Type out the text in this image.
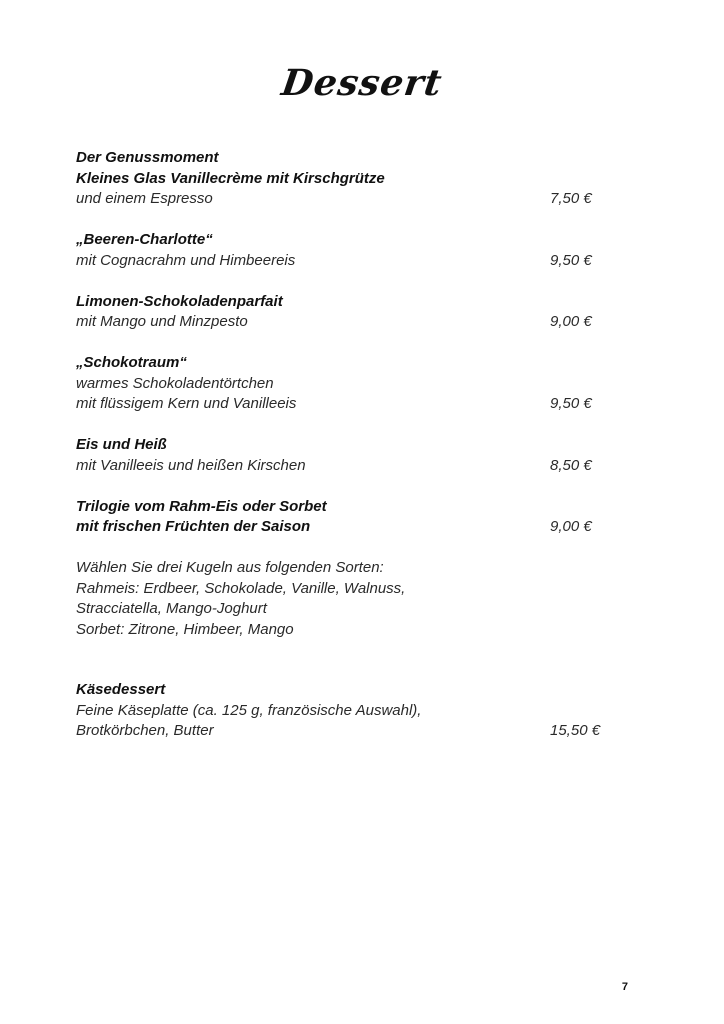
Dessert
Der Genussmoment
Kleines Glas Vanillecrème mit Kirschgrütze
und einem Espresso	7,50 €
„Beeren-Charlotte“
mit Cognacrahm und Himbeereis	9,50 €
Limonen-Schokoladenparfait
mit Mango und Minzpesto	9,00 €
„Schokotraum“
warmes Schokoladentörtchen
mit flüssigem Kern und Vanilleeis	9,50 €
Eis und Heiß
mit Vanilleeis und heißen Kirschen	8,50 €
Trilogie vom Rahm-Eis oder Sorbet
mit frischen Früchten der Saison	9,00 €
Wählen Sie drei Kugeln aus folgenden Sorten:
Rahmeis: Erdbeer, Schokolade, Vanille, Walnuss,
Stracciatella, Mango-Joghurt
Sorbet: Zitrone, Himbeer, Mango
Käsedessert
Feine Käseplatte (ca. 125 g, französische Auswahl),
Brotkörbchen, Butter	15,50 €
7
